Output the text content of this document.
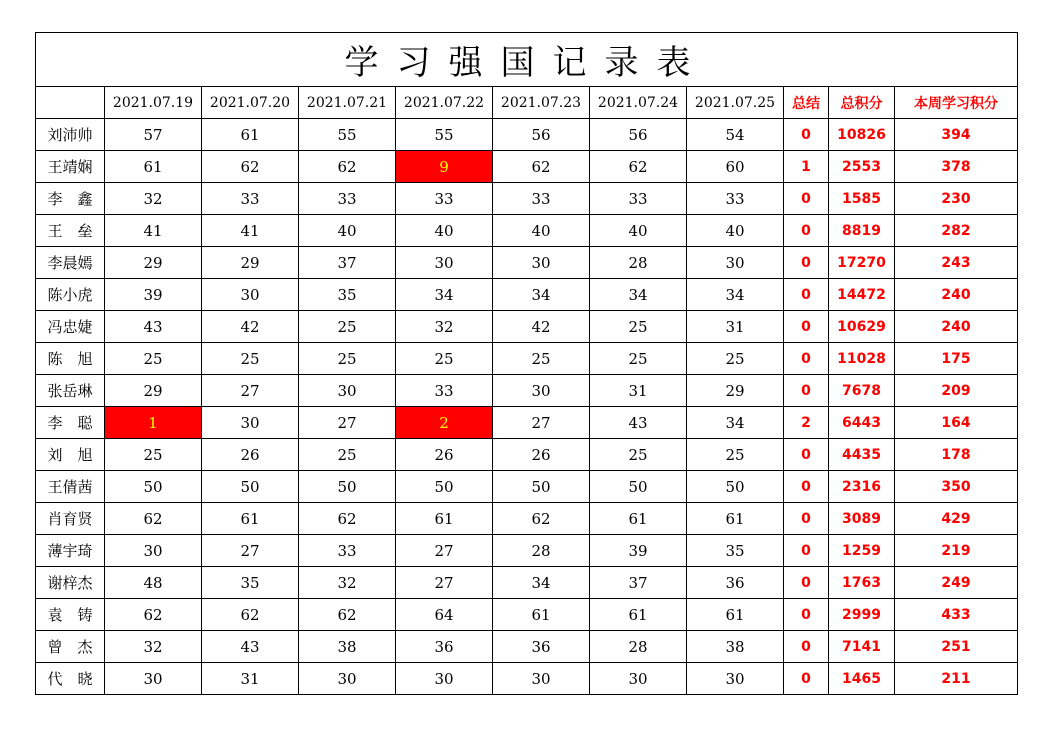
学习强国记录表										
	2021.07.19	2021.07.20	2021.07.21	2021.07.22	2021.07.23	2021.07.24	2021.07.25	总结	总积分	本周学习积分
刘沛帅	57	61	55	55	56	56	54	0	10826	394
王靖娴	61	62	62	9	62	62	60	1	2553	378
李　鑫	32	33	33	33	33	33	33	0	1585	230
王　垒	41	41	40	40	40	40	40	0	8819	282
李晨嫣	29	29	37	30	30	28	30	0	17270	243
陈小虎	39	30	35	34	34	34	34	0	14472	240
冯忠婕	43	42	25	32	42	25	31	0	10629	240
陈　旭	25	25	25	25	25	25	25	0	11028	175
张岳琳	29	27	30	33	30	31	29	0	7678	209
李　聪	1	30	27	2	27	43	34	2	6443	164
刘　旭	25	26	25	26	26	25	25	0	4435	178
王倩茜	50	50	50	50	50	50	50	0	2316	350
肖育贤	62	61	62	61	62	61	61	0	3089	429
薄宇琦	30	27	33	27	28	39	35	0	1259	219
谢梓杰	48	35	32	27	34	37	36	0	1763	249
袁　铸	62	62	62	64	61	61	61	0	2999	433
曾　杰	32	43	38	36	36	28	38	0	7141	251
代　晓	30	31	30	30	30	30	30	0	1465	211
